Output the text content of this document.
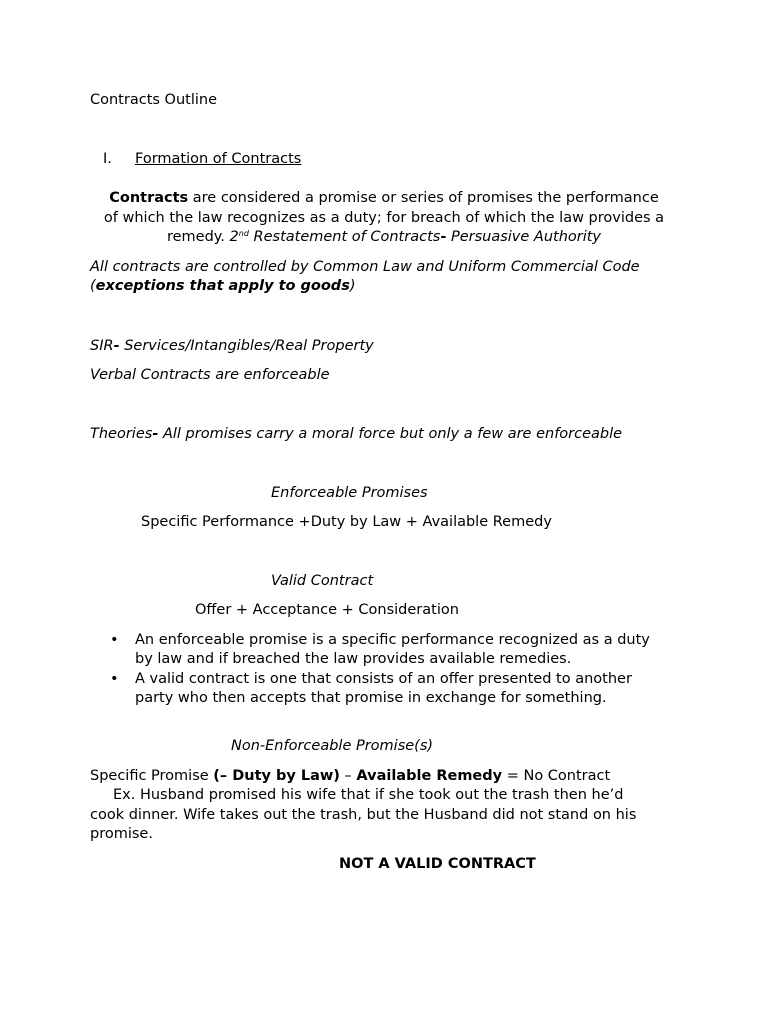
Contracts Outline
I. Formation of Contracts
Contracts are considered a promise or series of promises the performance
of which the law recognizes as a duty; for breach of which the law provides a
remedy. 2nd Restatement of Contracts- Persuasive Authority
All contracts are controlled by Common Law and Uniform Commercial Code
(exceptions that apply to goods)
SIR- Services/Intangibles/Real Property
Verbal Contracts are enforceable
Theories- All promises carry a moral force but only a few are enforceable
Enforceable Promises
Specific Performance +Duty by Law + Available Remedy
Valid Contract
Offer + Acceptance + Consideration
• An enforceable promise is a specific performance recognized as a duty
by law and if breached the law provides available remedies.
• A valid contract is one that consists of an offer presented to another
party who then accepts that promise in exchange for something.
Non-Enforceable Promise(s)
Specific Promise (– Duty by Law) – Available Remedy = No Contract
Ex. Husband promised his wife that if she took out the trash then he’d
cook dinner. Wife takes out the trash, but the Husband did not stand on his
promise.
NOT A VALID CONTRACT
